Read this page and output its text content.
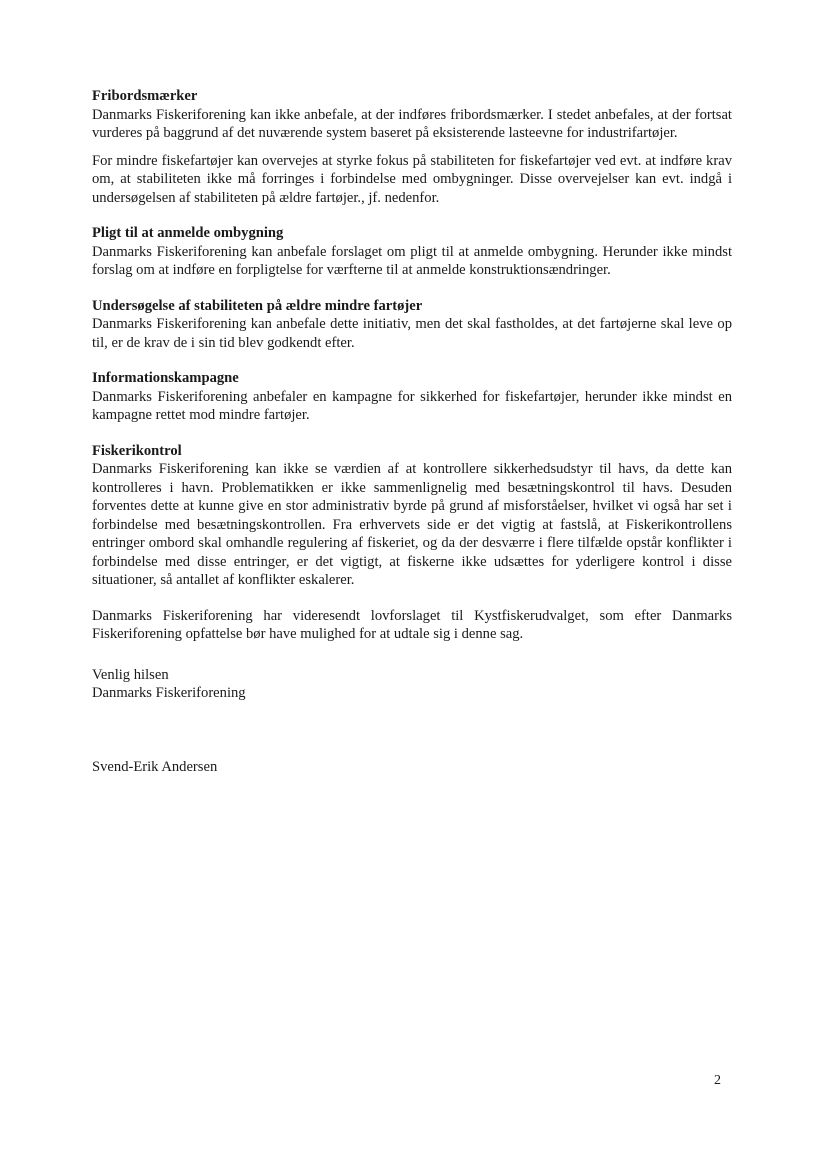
Fribordsmærker

Danmarks Fiskeriforening kan ikke anbefale, at der indføres fribordsmærker. I stedet anbefales, at der fortsat vurderes på baggrund af det nuværende system baseret på eksisterende lasteevne for industrifartøjer.

For mindre fiskefartøjer kan overvejes at styrke fokus på stabiliteten for fiskefartøjer ved evt. at indføre krav om, at stabiliteten ikke må forringes i forbindelse med ombygninger. Disse overvejelser kan evt. indgå i undersøgelsen af stabiliteten på ældre fartøjer., jf. nedenfor.

Pligt til at anmelde ombygning

Danmarks Fiskeriforening kan anbefale forslaget om pligt til at anmelde ombygning. Herunder ikke mindst forslag om at indføre en forpligtelse for værfterne til at anmelde konstruktionsændringer.

Undersøgelse af stabiliteten på ældre mindre fartøjer

Danmarks Fiskeriforening kan anbefale dette initiativ, men det skal fastholdes, at det fartøjerne skal leve op til, er de krav de i sin tid blev godkendt efter.

Informationskampagne

Danmarks Fiskeriforening anbefaler en kampagne for sikkerhed for fiskefartøjer, herunder ikke mindst en kampagne rettet mod mindre fartøjer.

Fiskerikontrol

Danmarks Fiskeriforening kan ikke se værdien af at kontrollere sikkerhedsudstyr til havs, da dette kan kontrolleres i havn. Problematikken er ikke sammenlignelig med besætningskontrol til havs. Desuden forventes dette at kunne give en stor administrativ byrde på grund af misforståelser, hvilket vi også har set i forbindelse med besætningskontrollen. Fra erhvervets side er det vigtig at fastslå, at Fiskerikontrollens entringer ombord skal omhandle regulering af fiskeriet, og da der desværre i flere tilfælde opstår konflikter i forbindelse med disse entringer, er det vigtigt, at fiskerne ikke udsættes for yderligere kontrol i disse situationer, så antallet af konflikter eskalerer.

Danmarks Fiskeriforening har videresendt lovforslaget til Kystfiskerudvalget, som efter Danmarks Fiskeriforening opfattelse bør have mulighed for at udtale sig i denne sag.

Venlig hilsen

Danmarks Fiskeriforening

Svend-Erik Andersen

2
